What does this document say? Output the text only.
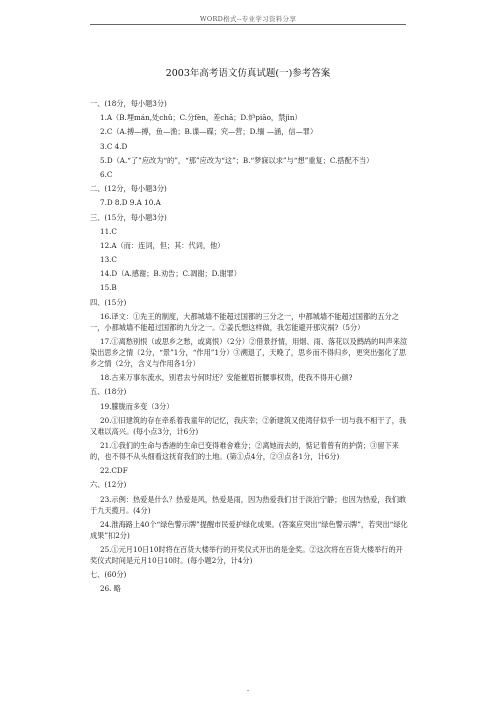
WORD格式--专业学习资料分享
2003年高考语文仿真试题(一)参考答案

一、(18分，每小题3分)

1.A（B.埋mán,处chǔ；C.分fèn，差chā；D.炉piāo，禁jìn）

2.C（A.搏—搏，鱼—渔；B.谍—碟；究—营；D.缅 —涵，信—罪）

3.C 4.D

5.D（A.“了”应改为“的”，“那”应改为“这”；B.“梦寐以求”与“想”重复；C.搭配不当）

6.C

二、(12分，每小题3分)

7.D 8.D 9.A 10.A

三、(15分，每小题3分)

11.C

12.A（而：连词，但；其：代词，他）

13.C

14.D（A.感谢；B.劝告；C.凋谢；D.谢罪）

15.B

四、(15分)

16.译文：①先王的制度，大都城墙不能超过国都的三分之一，中都城墙不能超过国都的五分之一，小都城墙不能超过国都的九分之一。②姜氏想这样做，我怎能避开那灾祸?（5分）

17.①离愁别恨（或思乡之愁，或离恨）（2分）②借景抒情，用烟、雨、落花以及鹧鸪的叫声来渲染出思乡之情（2分，“景”1分，“作用”1分）③溯退了，天晚了，思乡而不得归乡，更突出强化了思乡之情（2分，含义与作用各1分）

18.古来万事东流水，别君去兮何时还？安能摧眉折腰事权贵，使我不得开心颜?

五、(18分)

19.朦胧而多变（3分）

20.①旧建筑的存在牵系着我童年的记忆，我庆幸；②新建筑又使湾仔似乎一切与我不相干了，我又难以高兴。(每小点3分，计6分)

21.①我们的生命与香港的生命已变得难舍难分；②离她而去的，惦记着曾有的护荫；③留下来的，也不得不从头细看这抚育我们的土地。(第①点4分，②③点各1分，计6分)

22.CDF

六、(12分)

23.示例：热爱是什么？热爱是风，热爱是雨，因为热爱我们甘于淡泊宁静；也因为热爱，我们敢于九天揽月。(4分)

24.淮海路上40个“绿色警示牌”提醒市民爱护绿化成果。(答案应突出“绿色警示牌”，若突出“绿化成果”扣2分)

25.①元月10日10时将在百货大楼举行的开奖仪式开出的是金奖。②这次将在百货大楼举行的开奖仪式时间是元月10日10时。(每小题2分，计4分)

七、(60分)

26. 略

-
